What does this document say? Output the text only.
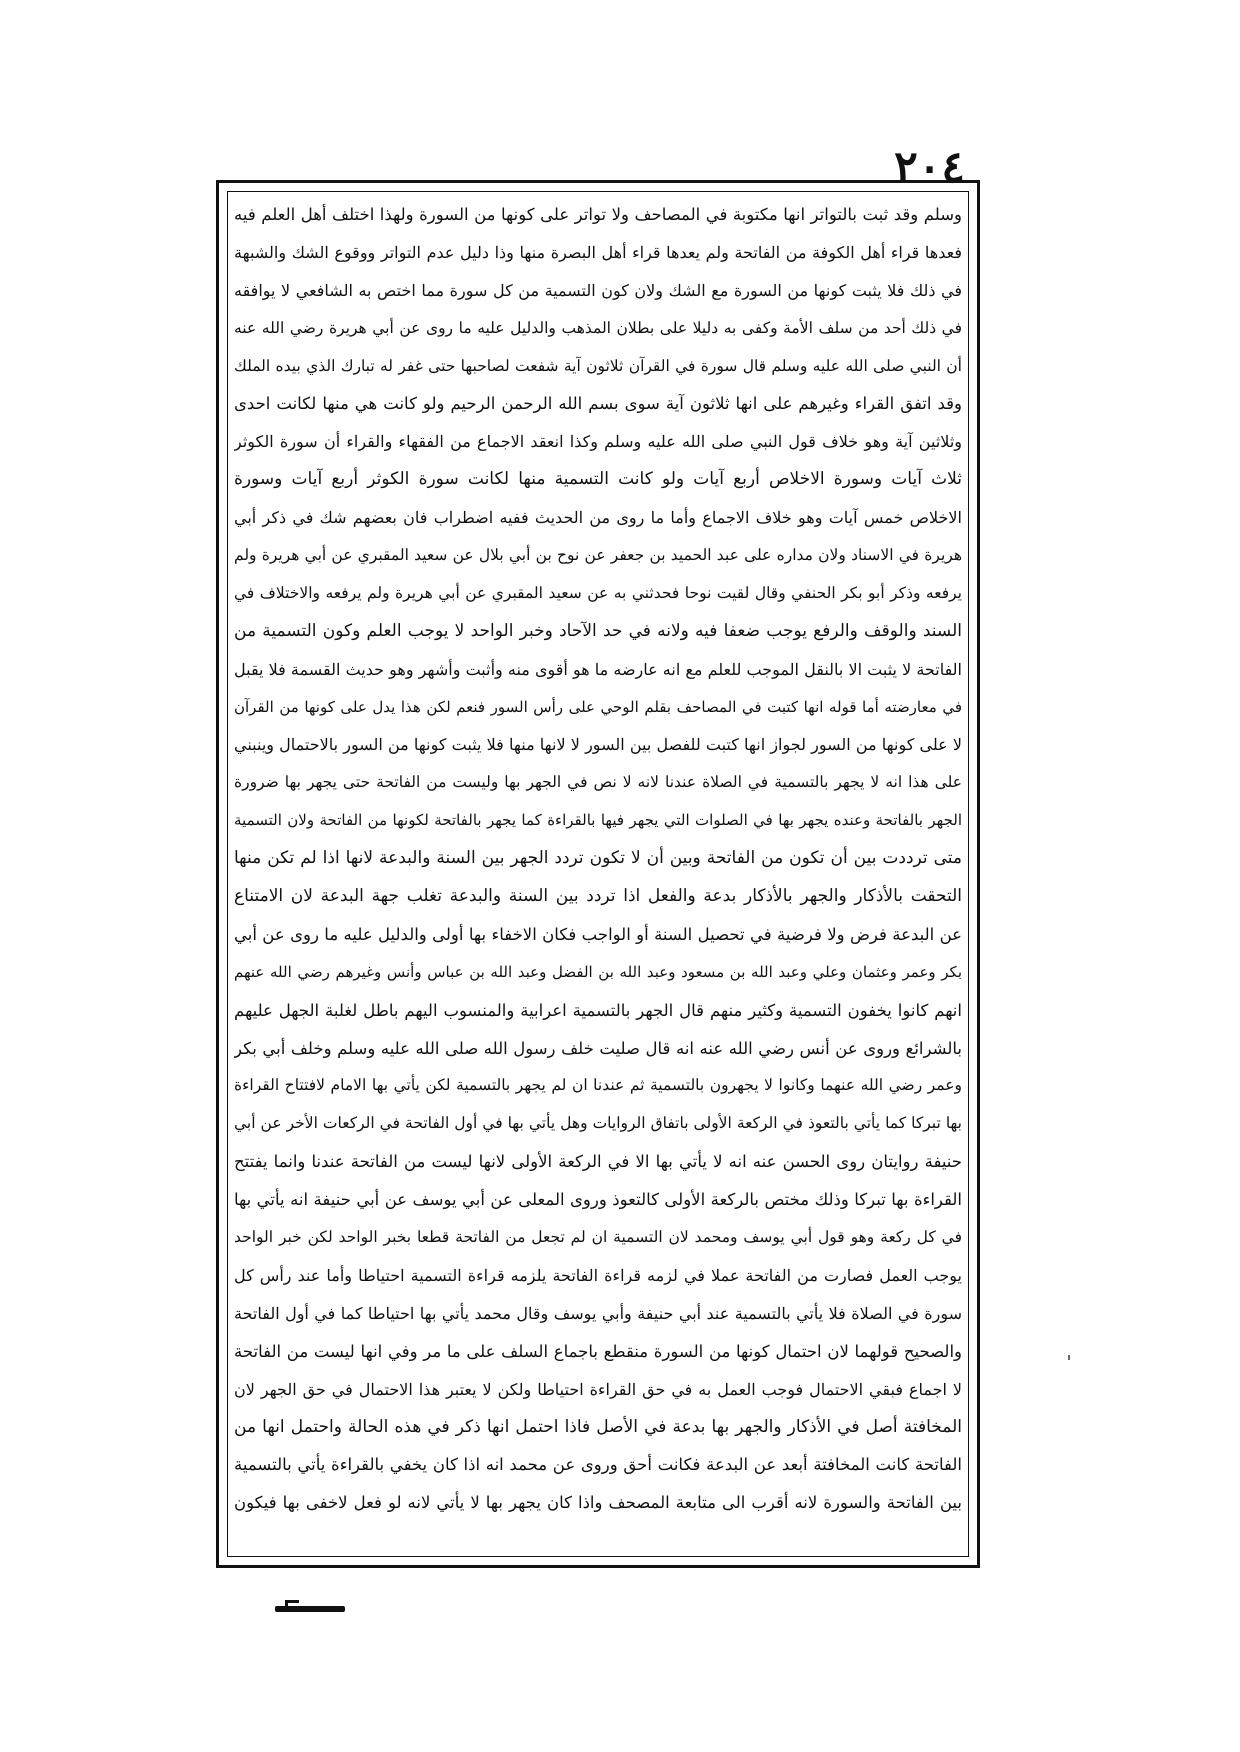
٢٠٤
وسلم وقد ثبت بالتواتر انها مكتوبة في المصاحف ولا تواتر على كونها من السورة ولهذا اختلف أهل العلم فيه
فعدها قراء أهل الكوفة من الفاتحة ولم يعدها قراء أهل البصرة منها وذا دليل عدم التواتر ووقوع الشك والشبهة
في ذلك فلا يثبت كونها من السورة مع الشك ولان كون التسمية من كل سورة مما اختص به الشافعي لا يوافقه
في ذلك أحد من سلف الأمة وكفى به دليلا على بطلان المذهب والدليل عليه ما روى عن أبي هريرة رضي الله عنه
أن النبي صلى الله عليه وسلم قال سورة في القرآن ثلاثون آية شفعت لصاحبها حتى غفر له تبارك الذي بيده الملك
وقد اتفق القراء وغيرهم على انها ثلاثون آية سوى بسم الله الرحمن الرحيم ولو كانت هي منها لكانت احدى
وثلاثين آية وهو خلاف قول النبي صلى الله عليه وسلم وكذا انعقد الاجماع من الفقهاء والقراء أن سورة الكوثر
ثلاث آيات وسورة الاخلاص أربع آيات ولو كانت التسمية منها لكانت سورة الكوثر أربع آيات وسورة
الاخلاص خمس آيات وهو خلاف الاجماع وأما ما روى من الحديث ففيه اضطراب فان بعضهم شك في ذكر أبي
هريرة في الاسناد ولان مداره على عبد الحميد بن جعفر عن نوح بن أبي بلال عن سعيد المقبري عن أبي هريرة ولم
يرفعه وذكر أبو بكر الحنفي وقال لقيت نوحا فحدثني به عن سعيد المقبري عن أبي هريرة ولم يرفعه والاختلاف في
السند والوقف والرفع يوجب ضعفا فيه ولانه في حد الآحاد وخبر الواحد لا يوجب العلم وكون التسمية من
الفاتحة لا يثبت الا بالنقل الموجب للعلم مع انه عارضه ما هو أقوى منه وأثبت وأشهر وهو حديث القسمة فلا يقبل
في معارضته أما قوله انها كتبت في المصاحف بقلم الوحي على رأس السور فنعم لكن هذا يدل على كونها من القرآن
لا على كونها من السور لجواز انها كتبت للفصل بين السور لا لانها منها فلا يثبت كونها من السور بالاحتمال وينبني
على هذا انه لا يجهر بالتسمية في الصلاة عندنا لانه لا نص في الجهر بها وليست من الفاتحة حتى يجهر بها ضرورة
الجهر بالفاتحة وعنده يجهر بها في الصلوات التي يجهر فيها بالقراءة كما يجهر بالفاتحة لكونها من الفاتحة ولان التسمية
متى ترددت بين أن تكون من الفاتحة وبين أن لا تكون تردد الجهر بين السنة والبدعة لانها اذا لم تكن منها
التحقت بالأذكار والجهر بالأذكار بدعة والفعل اذا تردد بين السنة والبدعة تغلب جهة البدعة لان الامتناع
عن البدعة فرض ولا فرضية في تحصيل السنة أو الواجب فكان الاخفاء بها أولى والدليل عليه ما روى عن أبي
بكر وعمر وعثمان وعلي وعبد الله بن مسعود وعبد الله بن الفضل وعبد الله بن عباس وأنس وغيرهم رضي الله عنهم
انهم كانوا يخفون التسمية وكثير منهم قال الجهر بالتسمية اعرابية والمنسوب اليهم باطل لغلبة الجهل عليهم
بالشرائع وروى عن أنس رضي الله عنه انه قال صليت خلف رسول الله صلى الله عليه وسلم وخلف أبي بكر
وعمر رضي الله عنهما وكانوا لا يجهرون بالتسمية ثم عندنا ان لم يجهر بالتسمية لكن يأتي بها الامام لافتتاح القراءة
بها تبركا كما يأتي بالتعوذ في الركعة الأولى باتفاق الروايات وهل يأتي بها في أول الفاتحة في الركعات الأخر عن أبي
حنيفة روايتان روى الحسن عنه انه لا يأتي بها الا في الركعة الأولى لانها ليست من الفاتحة عندنا وانما يفتتح
القراءة بها تبركا وذلك مختص بالركعة الأولى كالتعوذ وروى المعلى عن أبي يوسف عن أبي حنيفة انه يأتي بها
في كل ركعة وهو قول أبي يوسف ومحمد لان التسمية ان لم تجعل من الفاتحة قطعا بخبر الواحد لكن خبر الواحد
يوجب العمل فصارت من الفاتحة عملا في لزمه قراءة الفاتحة يلزمه قراءة التسمية احتياطا وأما عند رأس كل
سورة في الصلاة فلا يأتي بالتسمية عند أبي حنيفة وأبي يوسف وقال محمد يأتي بها احتياطا كما في أول الفاتحة
والصحيح قولهما لان احتمال كونها من السورة منقطع باجماع السلف على ما مر وفي انها ليست من الفاتحة
لا اجماع فبقي الاحتمال فوجب العمل به في حق القراءة احتياطا ولكن لا يعتبر هذا الاحتمال في حق الجهر لان
المخافتة أصل في الأذكار والجهر بها بدعة في الأصل فاذا احتمل انها ذكر في هذه الحالة واحتمل انها من
الفاتحة كانت المخافتة أبعد عن البدعة فكانت أحق وروى عن محمد انه اذا كان يخفي بالقراءة يأتي بالتسمية
بين الفاتحة والسورة لانه أقرب الى متابعة المصحف واذا كان يجهر بها لا يأتي لانه لو فعل لاخفى بها فيكون
